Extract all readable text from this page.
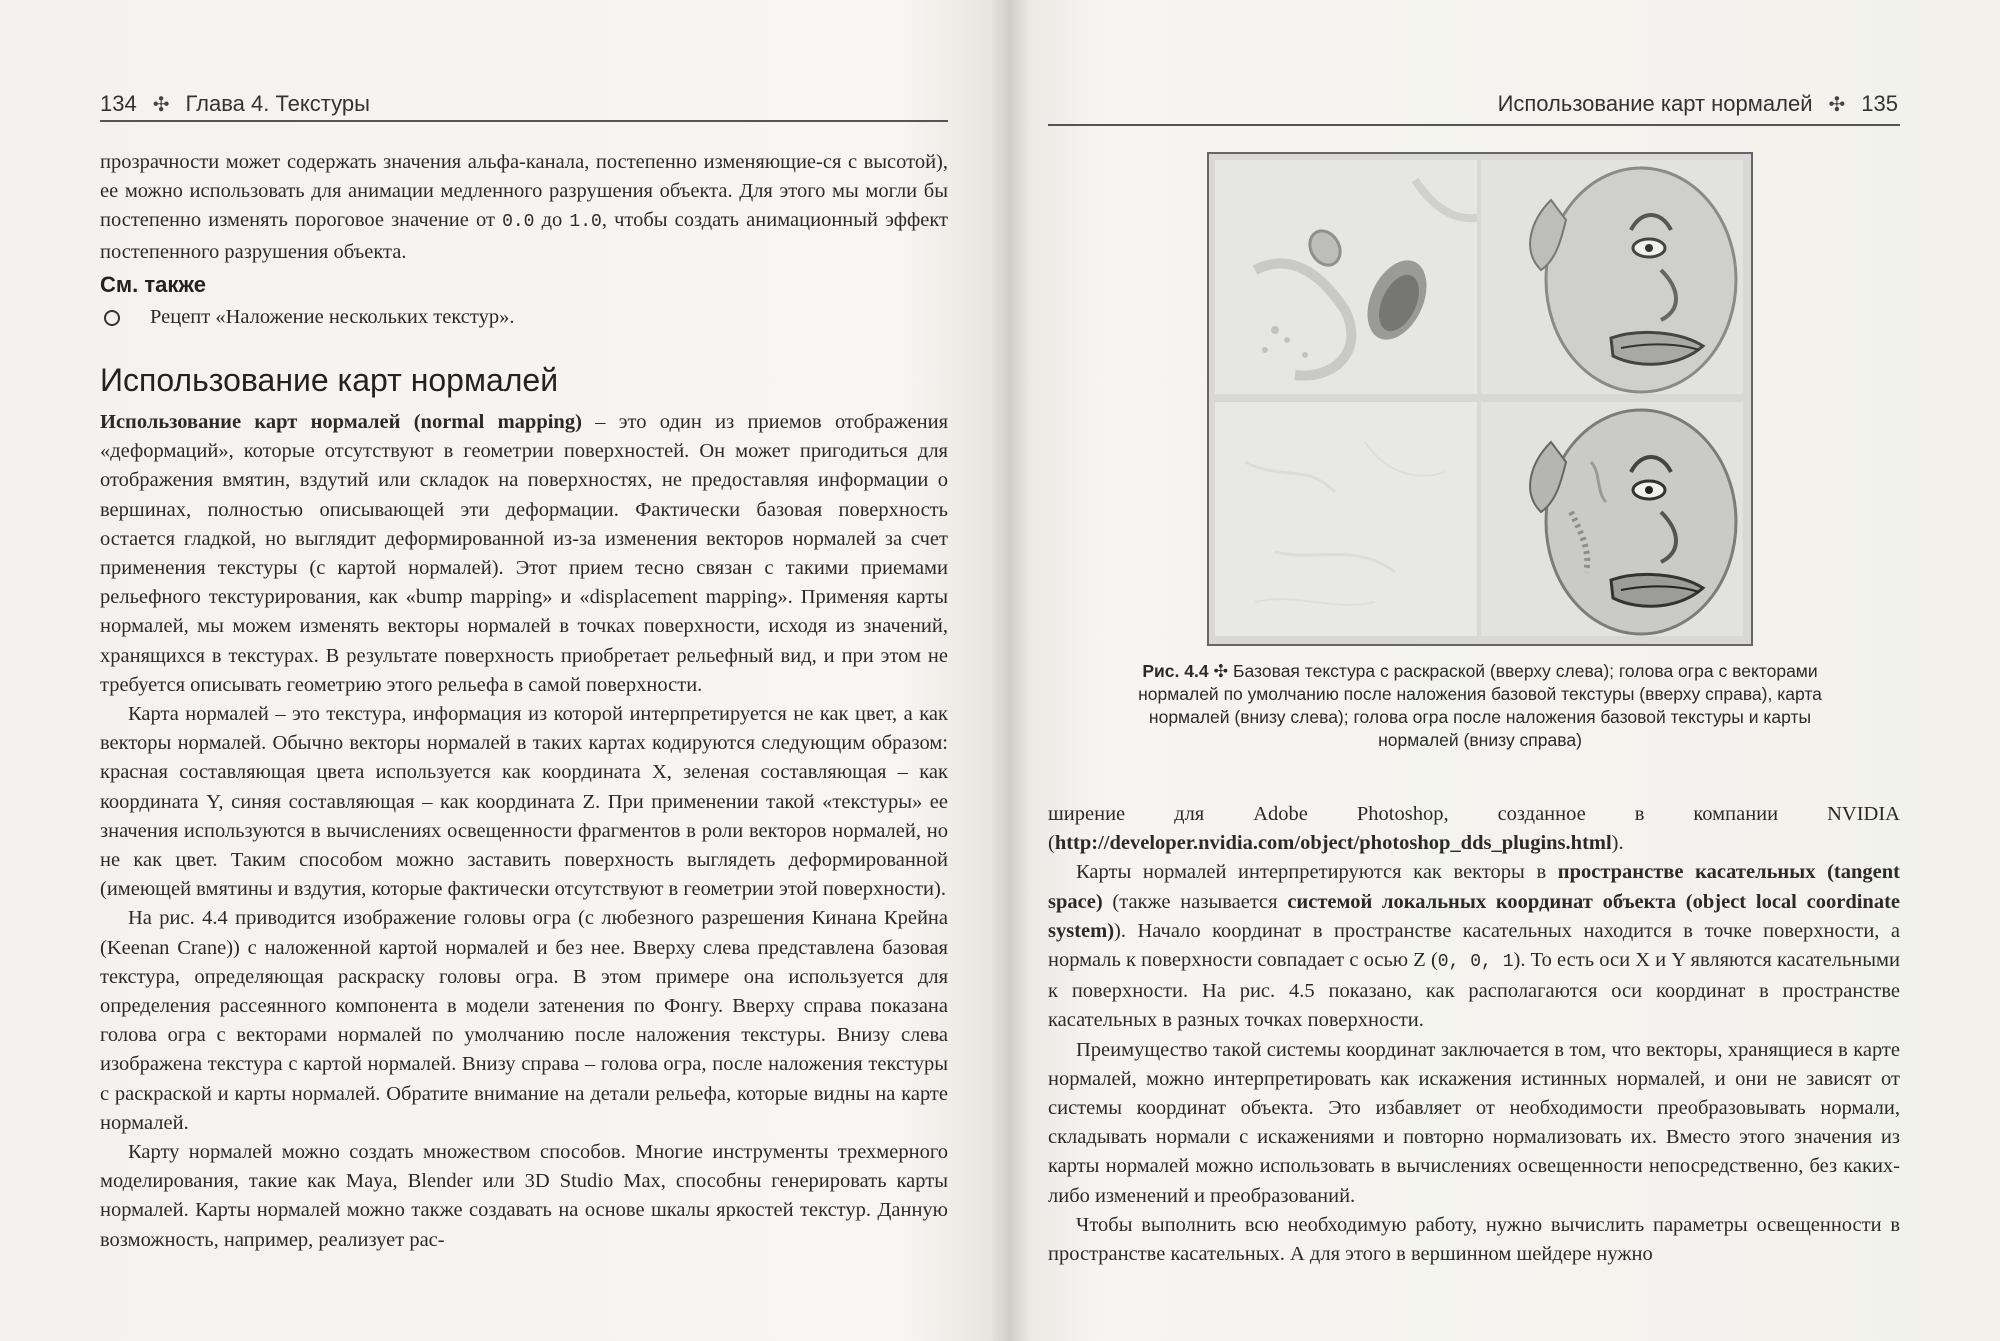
134 ✣ Глава 4. Текстуры

прозрачности может содержать значения альфа-канала, постепенно изменяющие-ся с высотой), ее можно использовать для анимации медленного разрушения объекта. Для этого мы могли бы постепенно изменять пороговое значение от 0.0 до 1.0, чтобы создать анимационный эффект постепенного разрушения объекта.

См. также
Рецепт «Наложение нескольких текстур».
Использование карт нормалей

Использование карт нормалей (normal mapping) – это один из приемов отображения «деформаций», которые отсутствуют в геометрии поверхностей. Он может пригодиться для отображения вмятин, вздутий или складок на поверхностях, не предоставляя информации о вершинах, полностью описывающей эти деформации. Фактически базовая поверхность остается гладкой, но выглядит деформированной из-за изменения векторов нормалей за счет применения текстуры (с картой нормалей). Этот прием тесно связан с такими приемами рельефного текстурирования, как «bump mapping» и «displacement mapping». Применяя карты нормалей, мы можем изменять векторы нормалей в точках поверхности, исходя из значений, хранящихся в текстурах. В результате поверхность приобретает рельефный вид, и при этом не требуется описывать геометрию этого рельефа в самой поверхности.

Карта нормалей – это текстура, информация из которой интерпретируется не как цвет, а как векторы нормалей. Обычно векторы нормалей в таких картах кодируются следующим образом: красная составляющая цвета используется как координата X, зеленая составляющая – как координата Y, синяя составляющая – как координата Z. При применении такой «текстуры» ее значения используются в вычислениях освещенности фрагментов в роли векторов нормалей, но не как цвет. Таким способом можно заставить поверхность выглядеть деформированной (имеющей вмятины и вздутия, которые фактически отсутствуют в геометрии этой поверхности).

На рис. 4.4 приводится изображение головы огра (с любезного разрешения Кинана Крейна (Keenan Crane)) с наложенной картой нормалей и без нее. Вверху слева представлена базовая текстура, определяющая раскраску головы огра. В этом примере она используется для определения рассеянного компонента в модели затенения по Фонгу. Вверху справа показана голова огра с векторами нормалей по умолчанию после наложения текстуры. Внизу слева изображена текстура с картой нормалей. Внизу справа – голова огра, после наложения текстуры с раскраской и карты нормалей. Обратите внимание на детали рельефа, которые видны на карте нормалей.

Карту нормалей можно создать множеством способов. Многие инструменты трехмерного моделирования, такие как Maya, Blender или 3D Studio Max, способны генерировать карты нормалей. Карты нормалей можно также создавать на основе шкалы яркостей текстур. Данную возможность, например, реализует рас-

Использование карт нормалей ✣ 135
Рис. 4.4 ✣ Базовая текстура с раскраской (вверху слева); голова огра с векторами нормалей по умолчанию после наложения базовой текстуры (вверху справа), карта нормалей (внизу слева); голова огра после наложения базовой текстуры и карты нормалей (внизу справа)

ширение для Adobe Photoshop, созданное в компании NVIDIA (http://developer.nvidia.com/object/photoshop_dds_plugins.html).

Карты нормалей интерпретируются как векторы в пространстве касательных (tangent space) (также называется системой локальных координат объекта (object local coordinate system)). Начало координат в пространстве касательных находится в точке поверхности, а нормаль к поверхности совпадает с осью Z (0, 0, 1). То есть оси X и Y являются касательными к поверхности. На рис. 4.5 показано, как располагаются оси координат в пространстве касательных в разных точках поверхности.

Преимущество такой системы координат заключается в том, что векторы, хранящиеся в карте нормалей, можно интерпретировать как искажения истинных нормалей, и они не зависят от системы координат объекта. Это избавляет от необходимости преобразовывать нормали, складывать нормали с искажениями и повторно нормализовать их. Вместо этого значения из карты нормалей можно использовать в вычислениях освещенности непосредственно, без каких-либо изменений и преобразований.

Чтобы выполнить всю необходимую работу, нужно вычислить параметры освещенности в пространстве касательных. А для этого в вершинном шейдере нужно
